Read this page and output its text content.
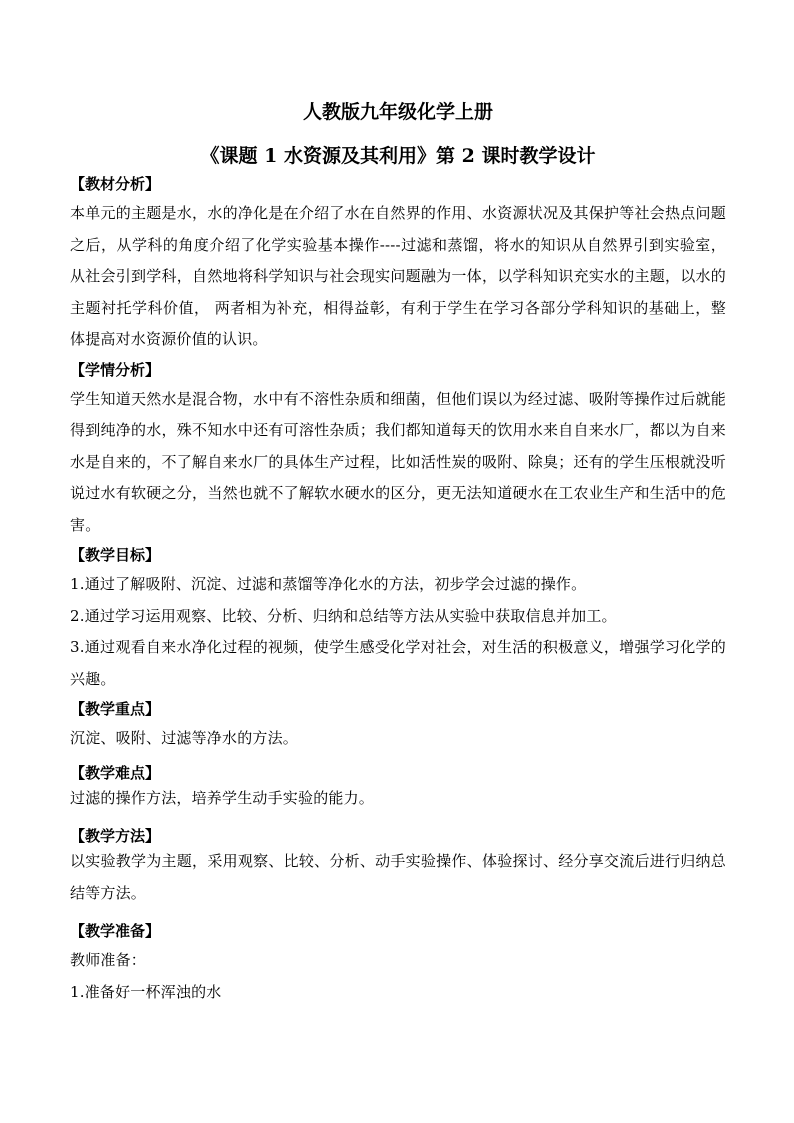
人教版九年级化学上册
《课题 1 水资源及其利用》第 2 课时教学设计

【教材分析】

本单元的主题是水，水的净化是在介绍了水在自然界的作用、水资源状况及其保护等社会热点问题之后，从学科的角度介绍了化学实验基本操作----过滤和蒸馏，将水的知识从自然界引到实验室，从社会引到学科，自然地将科学知识与社会现实问题融为一体，以学科知识充实水的主题，以水的主题衬托学科价值， 两者相为补充，相得益彰，有利于学生在学习各部分学科知识的基础上，整体提高对水资源价值的认识。

【学情分析】

学生知道天然水是混合物，水中有不溶性杂质和细菌，但他们误以为经过滤、吸附等操作过后就能得到纯净的水，殊不知水中还有可溶性杂质；我们都知道每天的饮用水来自自来水厂，都以为自来水是自来的，不了解自来水厂的具体生产过程，比如活性炭的吸附、除臭；还有的学生压根就没听说过水有软硬之分，当然也就不了解软水硬水的区分，更无法知道硬水在工农业生产和生活中的危害。

【教学目标】

1.通过了解吸附、沉淀、过滤和蒸馏等净化水的方法，初步学会过滤的操作。

2.通过学习运用观察、比较、分析、归纳和总结等方法从实验中获取信息并加工。

3.通过观看自来水净化过程的视频，使学生感受化学对社会，对生活的积极意义，增强学习化学的兴趣。

【教学重点】

沉淀、吸附、过滤等净水的方法。

【教学难点】

过滤的操作方法，培养学生动手实验的能力。

【教学方法】

以实验教学为主题，采用观察、比较、分析、动手实验操作、体验探讨、经分享交流后进行归纳总结等方法。

【教学准备】

教师准备：

1.准备好一杯浑浊的水
